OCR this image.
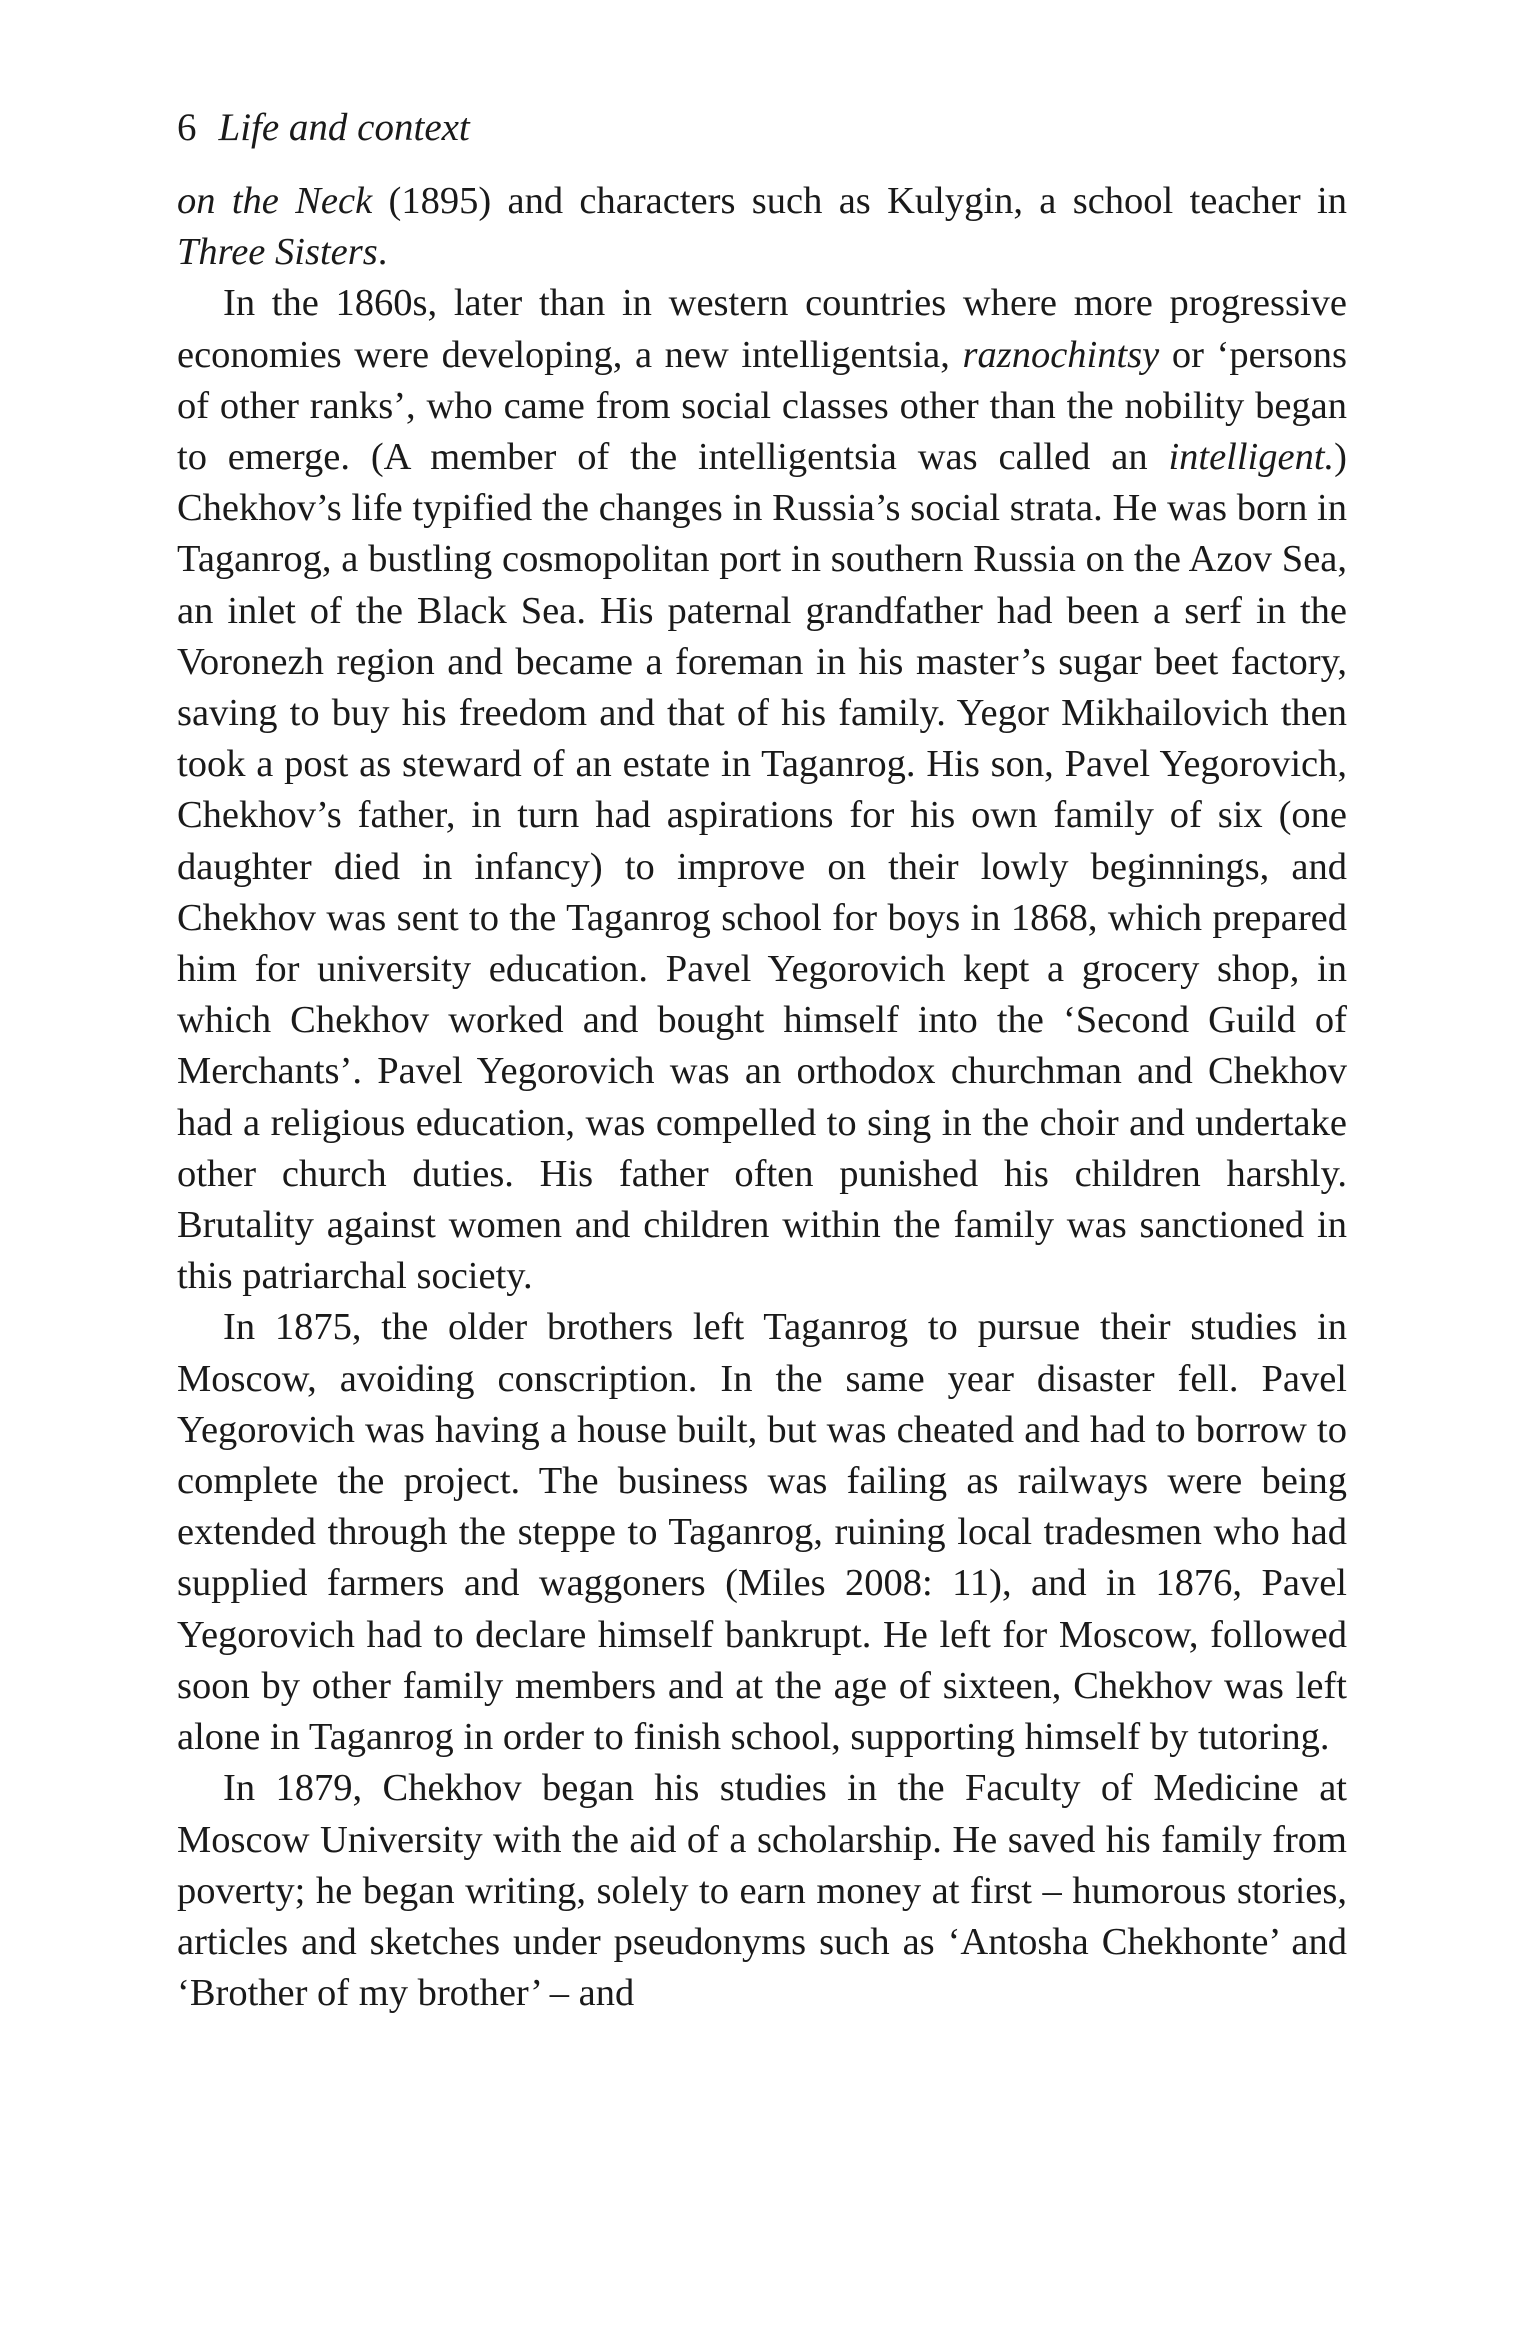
6 Life and context

on the Neck (1895) and characters such as Kulygin, a school teacher in Three Sisters.

In the 1860s, later than in western countries where more progressive economies were developing, a new intelligentsia, raznochintsy or ‘persons of other ranks’, who came from social classes other than the nobility began to emerge. (A member of the intelligentsia was called an intelligent.) Chekhov’s life typified the changes in Russia’s social strata. He was born in Taganrog, a bustling cosmopolitan port in southern Russia on the Azov Sea, an inlet of the Black Sea. His paternal grandfather had been a serf in the Voronezh region and became a foreman in his master’s sugar beet factory, saving to buy his freedom and that of his family. Yegor Mikhailovich then took a post as steward of an estate in Taganrog. His son, Pavel Yegorovich, Chekhov’s father, in turn had aspirations for his own family of six (one daughter died in infancy) to improve on their lowly beginnings, and Chekhov was sent to the Taganrog school for boys in 1868, which prepared him for university education. Pavel Yegorovich kept a grocery shop, in which Chekhov worked and bought himself into the ‘Second Guild of Merchants’. Pavel Yegorovich was an orthodox churchman and Chekhov had a religious education, was compelled to sing in the choir and undertake other church duties. His father often punished his children harshly. Brutality against women and children within the family was sanctioned in this patriarchal society.

In 1875, the older brothers left Taganrog to pursue their studies in Moscow, avoiding conscription. In the same year disaster fell. Pavel Yegorovich was having a house built, but was cheated and had to borrow to complete the project. The business was failing as railways were being extended through the steppe to Taganrog, ruining local tradesmen who had supplied farmers and waggoners (Miles 2008: 11), and in 1876, Pavel Yegorovich had to declare himself bankrupt. He left for Moscow, followed soon by other family members and at the age of sixteen, Chekhov was left alone in Taganrog in order to finish school, supporting himself by tutoring.

In 1879, Chekhov began his studies in the Faculty of Medicine at Moscow University with the aid of a scholarship. He saved his family from poverty; he began writing, solely to earn money at first – humorous stories, articles and sketches under pseudonyms such as ‘Antosha Chekhonte’ and ‘Brother of my brother’ – and
